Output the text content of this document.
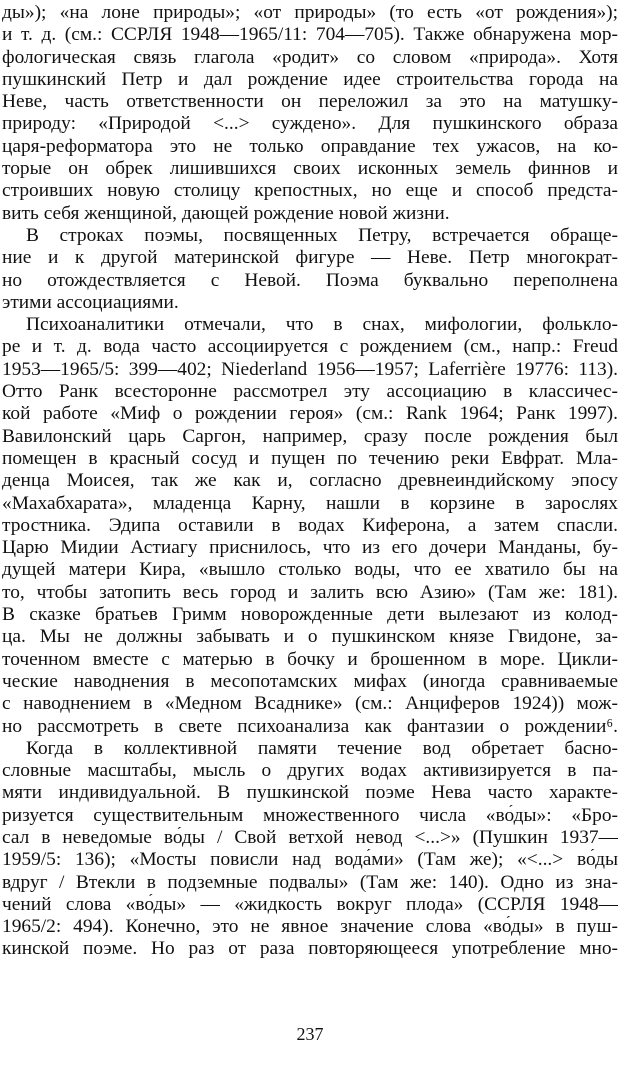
ды»); «на лоне природы»; «от природы» (то есть «от рождения»);
и т. д. (см.: ССРЛЯ 1948—1965/11: 704—705). Также обнаружена мор-
фологическая связь глагола «родит» со словом «природа». Хотя
пушкинский Петр и дал рождение идее строительства города на
Неве, часть ответственности он переложил за это на матушку-
природу: «Природой <...> суждено». Для пушкинского образа
царя-реформатора это не только оправдание тех ужасов, на ко-
торые он обрек лишившихся своих исконных земель финнов и
строивших новую столицу крепостных, но еще и способ предста-
вить себя женщиной, дающей рождение новой жизни.
В строках поэмы, посвященных Петру, встречается обраще-
ние и к другой материнской фигуре — Неве. Петр многократ-
но отождествляется с Невой. Поэма буквально переполнена
этими ассоциациями.
Психоаналитики отмечали, что в снах, мифологии, фолькло-
ре и т. д. вода часто ассоциируется с рождением (см., напр.: Freud
1953—1965/5: 399—402; Niederland 1956—1957; Laferrière 19776: 113).
Отто Ранк всесторонне рассмотрел эту ассоциацию в классичес-
кой работе «Миф о рождении героя» (см.: Rank 1964; Ранк 1997).
Вавилонский царь Саргон, например, сразу после рождения был
помещен в красный сосуд и пущен по течению реки Евфрат. Мла-
денца Моисея, так же как и, согласно древнеиндийскому эпосу
«Махабхарата», младенца Карну, нашли в корзине в зарослях
тростника. Эдипа оставили в водах Киферона, а затем спасли.
Царю Мидии Астиагу приснилось, что из его дочери Манданы, бу-
дущей матери Кира, «вышло столько воды, что ее хватило бы на
то, чтобы затопить весь город и залить всю Азию» (Там же: 181).
В сказке братьев Гримм новорожденные дети вылезают из колод-
ца. Мы не должны забывать и о пушкинском князе Гвидоне, за-
точенном вместе с матерью в бочку и брошенном в море. Цикли-
ческие наводнения в месопотамских мифах (иногда сравниваемые
с наводнением в «Медном Всаднике» (см.: Анциферов 1924)) мож-
но рассмотреть в свете психоанализа как фантазии о рождении⁶.
Когда в коллективной памяти течение вод обретает басно-
словные масштабы, мысль о других водах активизируется в па-
мяти индивидуальной. В пушкинской поэме Нева часто характе-
ризуется существительным множественного числа «во́ды»: «Бро-
сал в неведомые во́ды / Свой ветхой невод <...>» (Пушкин 1937—
1959/5: 136); «Мосты повисли над вода́ми» (Там же); «<...> во́ды
вдруг / Втекли в подземные подвалы» (Там же: 140). Одно из зна-
чений слова «во́ды» — «жидкость вокруг плода» (ССРЛЯ 1948—
1965/2: 494). Конечно, это не явное значение слова «во́ды» в пуш-
кинской поэме. Но раз от раза повторяющееся употребление мно-
237
